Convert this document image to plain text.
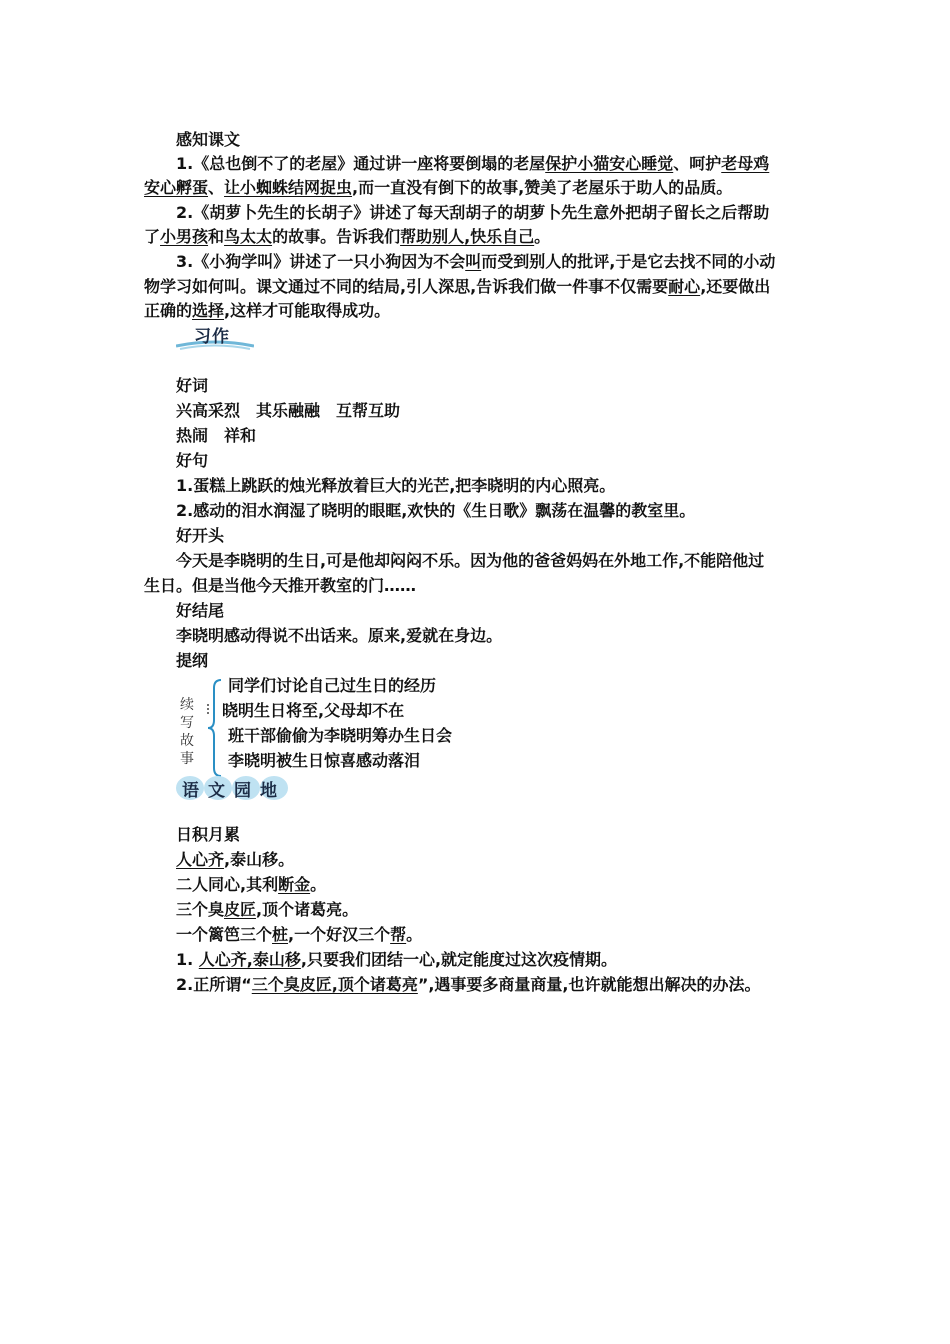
感知课文
1.《总也倒不了的老屋》通过讲一座将要倒塌的老屋保护小猫安心睡觉、呵护老母鸡
安心孵蛋、让小蜘蛛结网捉虫,而一直没有倒下的故事,赞美了老屋乐于助人的品质。
2.《胡萝卜先生的长胡子》讲述了每天刮胡子的胡萝卜先生意外把胡子留长之后帮助
了小男孩和鸟太太的故事。告诉我们帮助别人,快乐自己。
3.《小狗学叫》讲述了一只小狗因为不会叫而受到别人的批评,于是它去找不同的小动
物学习如何叫。课文通过不同的结局,引人深思,告诉我们做一件事不仅需要耐心,还要做出
正确的选择,这样才可能取得成功。
习作
好词
兴高采烈　其乐融融　互帮互助
热闹　祥和
好句
1.蛋糕上跳跃的烛光释放着巨大的光芒,把李晓明的内心照亮。
2.感动的泪水润湿了晓明的眼眶,欢快的《生日歌》飘荡在温馨的教室里。
好开头
今天是李晓明的生日,可是他却闷闷不乐。因为他的爸爸妈妈在外地工作,不能陪他过
生日。但是当他今天推开教室的门……
好结尾
李晓明感动得说不出话来。原来,爱就在身边。
提纲
续写故事
同学们讨论自己过生日的经历
晓明生日将至,父母却不在
班干部偷偷为李晓明筹办生日会
李晓明被生日惊喜感动落泪
语文园地
日积月累
人心齐,泰山移。
二人同心,其利断金。
三个臭皮匠,顶个诸葛亮。
一个篱笆三个桩,一个好汉三个帮。
1. 人心齐,泰山移,只要我们团结一心,就定能度过这次疫情期。
2.正所谓“三个臭皮匠,顶个诸葛亮”,遇事要多商量商量,也许就能想出解决的办法。
